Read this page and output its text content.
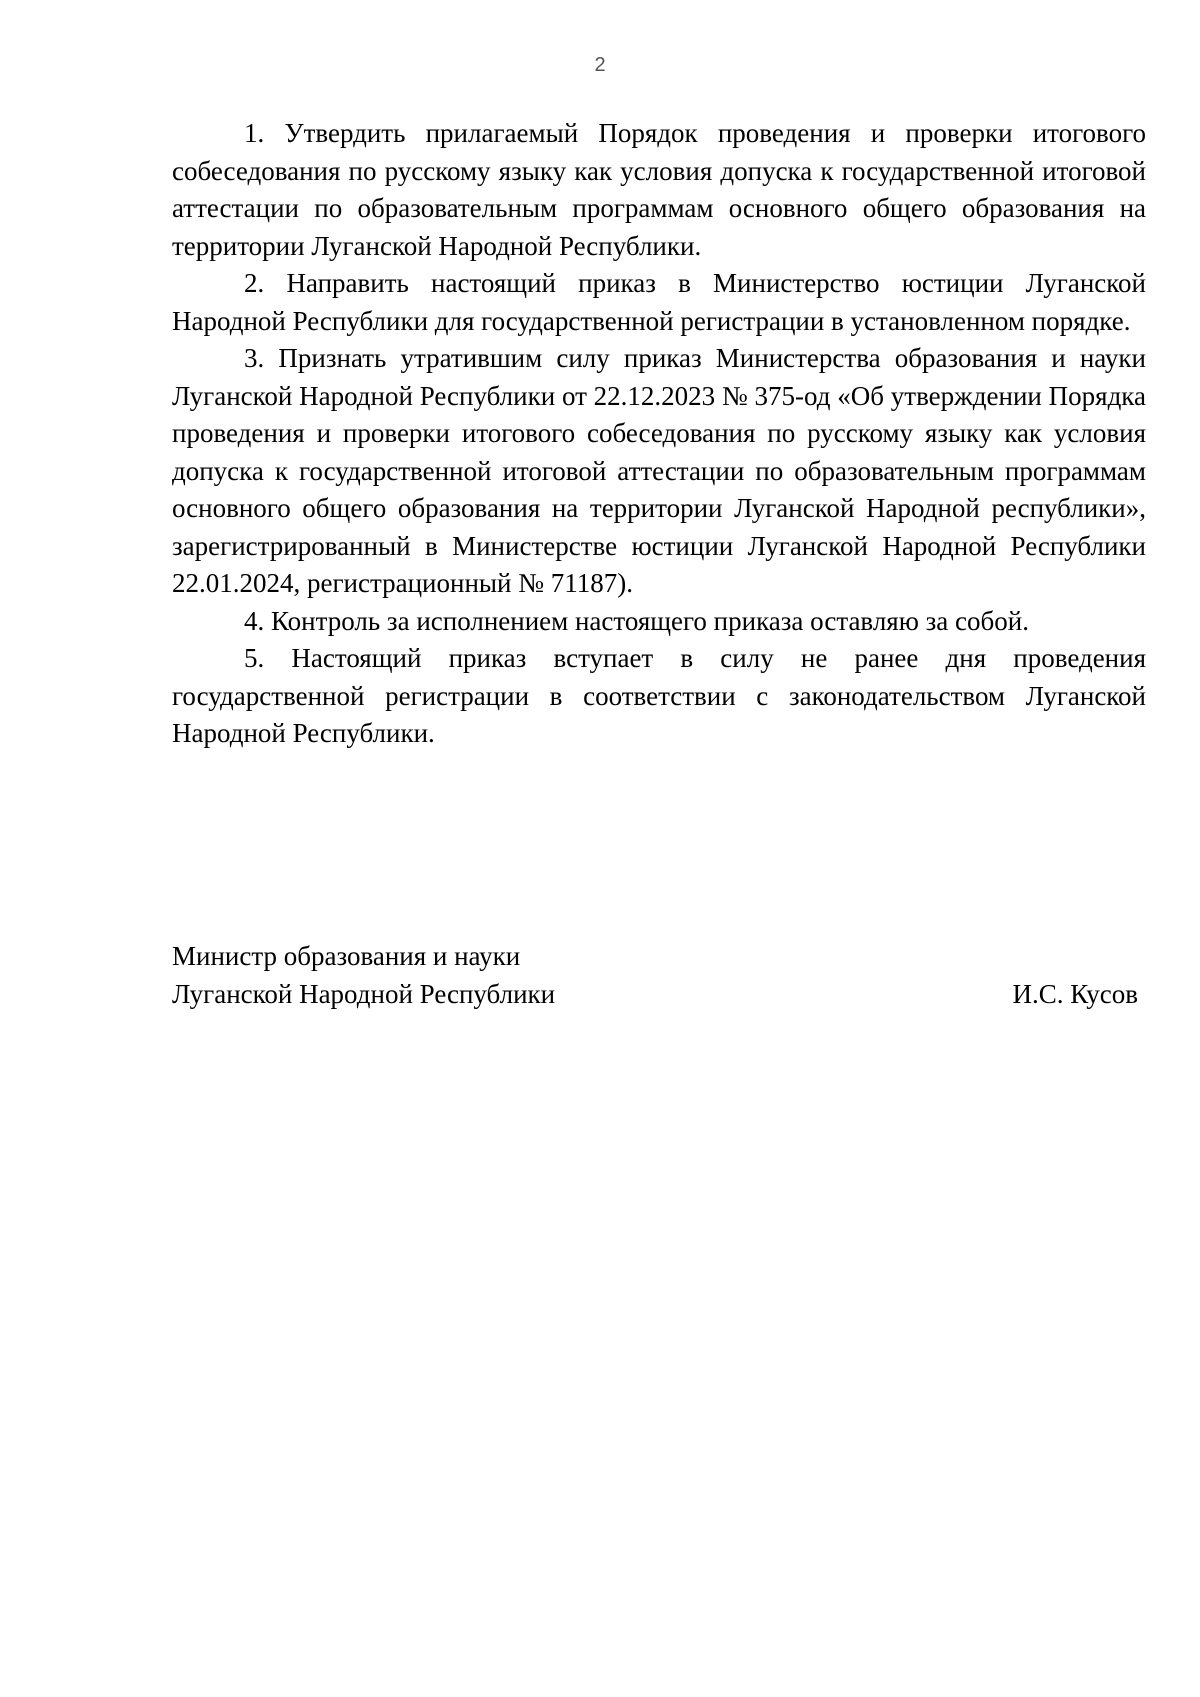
2

1. Утвердить прилагаемый Порядок проведения и проверки итогового собеседования по русскому языку как условия допуска к государственной итоговой аттестации по образовательным программам основного общего образования на территории Луганской Народной Республики.

2. Направить настоящий приказ в Министерство юстиции Луганской Народной Республики для государственной регистрации в установленном порядке.

3. Признать утратившим силу приказ Министерства образования и науки Луганской Народной Республики от 22.12.2023 № 375-од «Об утверждении Порядка проведения и проверки итогового собеседования по русскому языку как условия допуска к государственной итоговой аттестации по образовательным программам основного общего образования на территории Луганской Народной республики», зарегистрированный в Министерстве юстиции Луганской Народной Республики 22.01.2024, регистрационный № 71187).

4. Контроль за исполнением настоящего приказа оставляю за собой.

5. Настоящий приказ вступает в силу не ранее дня проведения государственной регистрации в соответствии с законодательством Луганской Народной Республики.

Министр образования и науки
Луганской Народной Республики	И.С. Кусов
